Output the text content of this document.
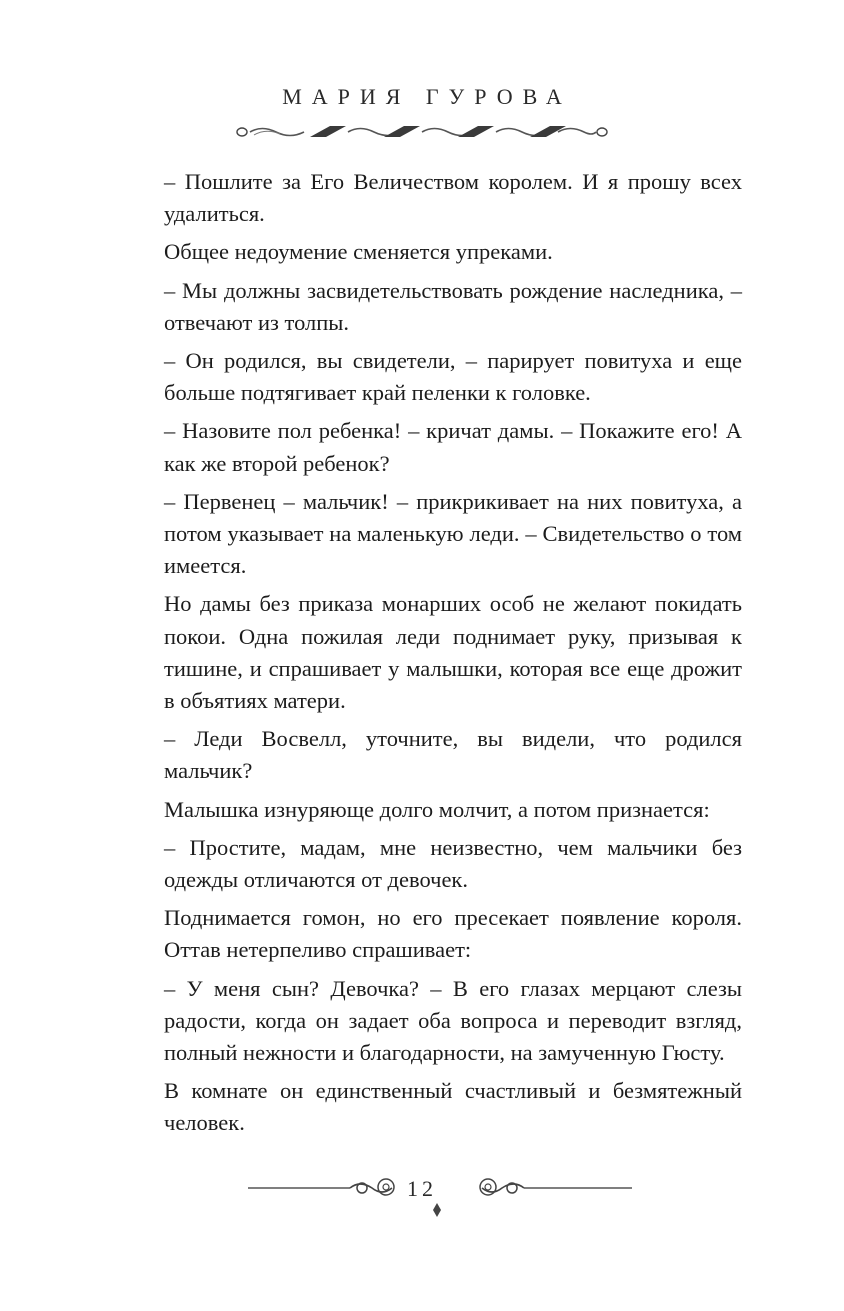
МАРИЯ ГУРОВА

– Пошлите за Его Величеством королем. И я прошу всех удалиться.

Общее недоумение сменяется упреками.

– Мы должны засвидетельствовать рождение наследника, – отвечают из толпы.

– Он родился, вы свидетели, – парирует повитуха и еще больше подтягивает край пеленки к головке.

– Назовите пол ребенка! – кричат дамы. – Покажите его! А как же второй ребенок?

– Первенец – мальчик! – прикрикивает на них повитуха, а потом указывает на маленькую леди. – Свидетельство о том имеется.

Но дамы без приказа монарших особ не желают покидать покои. Одна пожилая леди поднимает руку, призывая к тишине, и спрашивает у малышки, которая все еще дрожит в объятиях матери.

– Леди Восвелл, уточните, вы видели, что родился мальчик?

Малышка изнуряюще долго молчит, а потом признается:

– Простите, мадам, мне неизвестно, чем мальчики без одежды отличаются от девочек.

Поднимается гомон, но его пресекает появление короля. Оттав нетерпеливо спрашивает:

– У меня сын? Девочка? – В его глазах мерцают слезы радости, когда он задает оба вопроса и переводит взгляд, полный нежности и благодарности, на замученную Гюсту.

В комнате он единственный счастливый и безмятежный человек.

12
